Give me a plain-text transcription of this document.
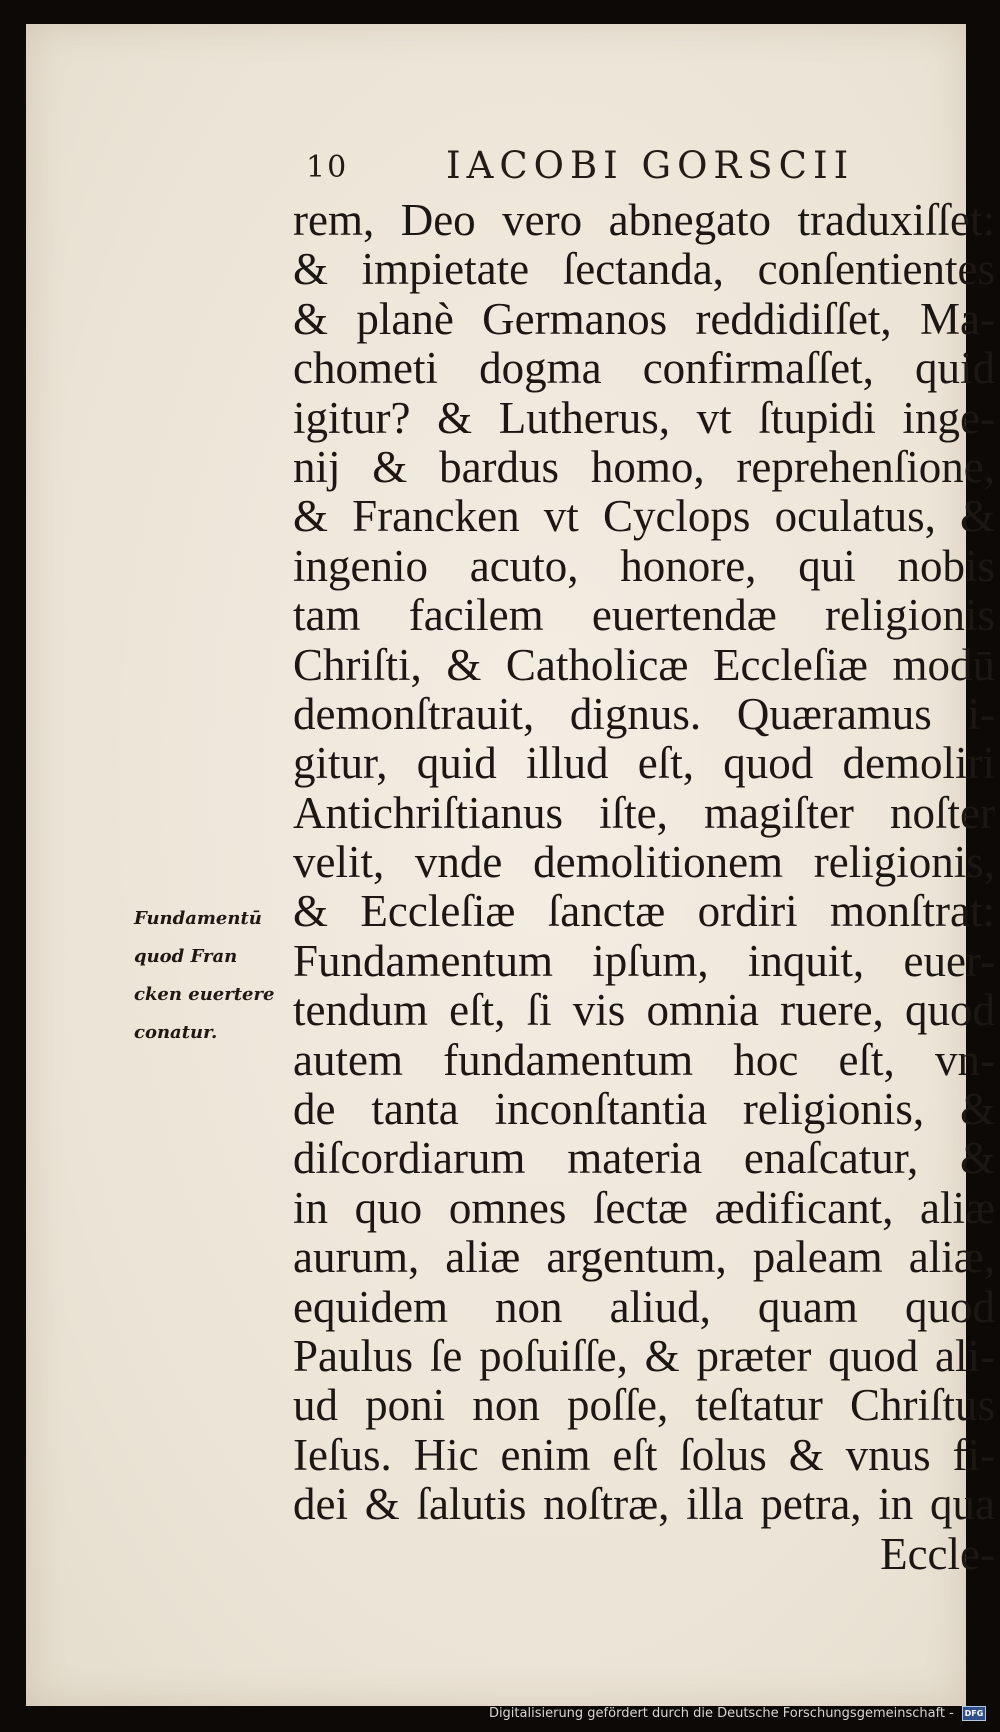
10	IACOBI GORSCII
Fundamentū
quod Fran
cken euertere
conatur.
rem, Deo vero abnegato traduxiſſet:
& impietate ſectanda, conſentientes
& planè Germanos reddidiſſet, Ma-
chometi dogma confirmaſſet, quid
igitur? & Lutherus, vt ſtupidi inge-
nij & bardus homo, reprehenſione,
& Francken vt Cyclops oculatus, &
ingenio acuto, honore, qui nobis
tam facilem euertendæ religionis
Chriſti, & Catholicæ Eccleſiæ modū
demonſtrauit, dignus. Quæramus i-
gitur, quid illud eſt, quod demoliri
Antichriſtianus iſte, magiſter noſter
velit, vnde demolitionem religionis,
& Eccleſiæ ſanctæ ordiri monſtrat:
Fundamentum ipſum, inquit, euer-
tendum eſt, ſi vis omnia ruere, quod
autem fundamentum hoc eſt, vn-
de tanta inconſtantia religionis, &
diſcordiarum materia enaſcatur, &
in quo omnes ſectæ ædificant, aliæ
aurum, aliæ argentum, paleam aliæ,
equidem non aliud, quam quod
Paulus ſe poſuiſſe, & præter quod ali-
ud poni non poſſe, teſtatur Chriſtus
Ieſus. Hic enim eſt ſolus & vnus fi-
dei & ſalutis noſtræ, illa petra, in qua
Eccle-
Digitalisierung gefördert durch die Deutsche Forschungsgemeinschaft - DFG
